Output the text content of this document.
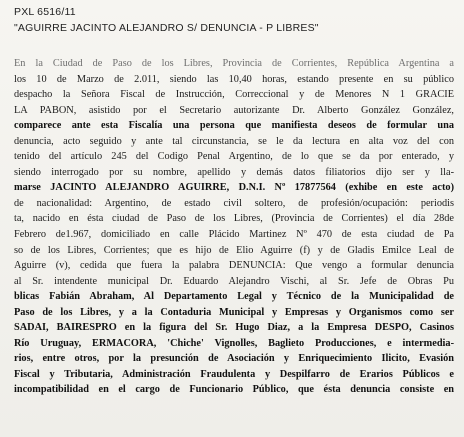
PXL 6516/11
"AGUIRRE JACINTO ALEJANDRO S/ DENUNCIA - P LIBRES"
En la Ciudad de Paso de los Libres, Provincia de Corrientes, República Argentina a
los 10 de Marzo de 2.011, siendo las 10,40 horas, estando presente en su público
despacho la Señora Fiscal de Instrucción, Correccional y de Menores N 1 GRACIE
LA PABON, asistido por el Secretario autorizante Dr. Alberto González González,
comparece ante esta Fiscalía una persona que manifiesta deseos de formular una
denuncia, acto seguido y ante tal circunstancia, se le da lectura en alta voz del con
tenido del artículo 245 del Codigo Penal Argentino, de lo que se da por enterado, y
siendo interrogado por su nombre, apellido y demás datos filiatorios dijo ser y lla-
marse JACINTO ALEJANDRO AGUIRRE, D.N.I. Nº 17877564 (exhibe en este acto)
de nacionalidad: Argentino, de estado civil soltero, de profesión/ocupación: periodis
ta, nacido en ésta ciudad de Paso de los Libres, (Provincia de Corrientes) el día 28de
Febrero de1.967, domiciliado en calle Plácido Martinez Nº 470 de esta ciudad de Pa
so de los Libres, Corrientes; que es hijo de Elio Aguirre (f) y de Gladis Emilce Leal de
Aguirre (v), cedida que fuera la palabra DENUNCIA: Que vengo a formular denuncia
al Sr. intendente municipal Dr. Eduardo Alejandro Vischi, al Sr. Jefe de Obras Pu
blicas Fabián Abraham, Al Departamento Legal y Técnico de la Municipalidad de
Paso de los Libres, y a la Contaduria Municipal y Empresas y Organismos como ser
SADAI, BAIRESPRO en la figura del Sr. Hugo Diaz, a la Empresa DESPO, Casinos
Río Uruguay, ERMACORA, 'Chiche' Vignolles, Baglieto Producciones, e intermedia-
rios, entre otros, por la presunción de Asociación y Enriquecimiento Ilicito, Evasión
Fiscal y Tributaria, Administración Fraudulenta y Despilfarro de Erarios Públicos e
incompatibilidad en el cargo de Funcionario Público, que ésta denuncia consiste en
